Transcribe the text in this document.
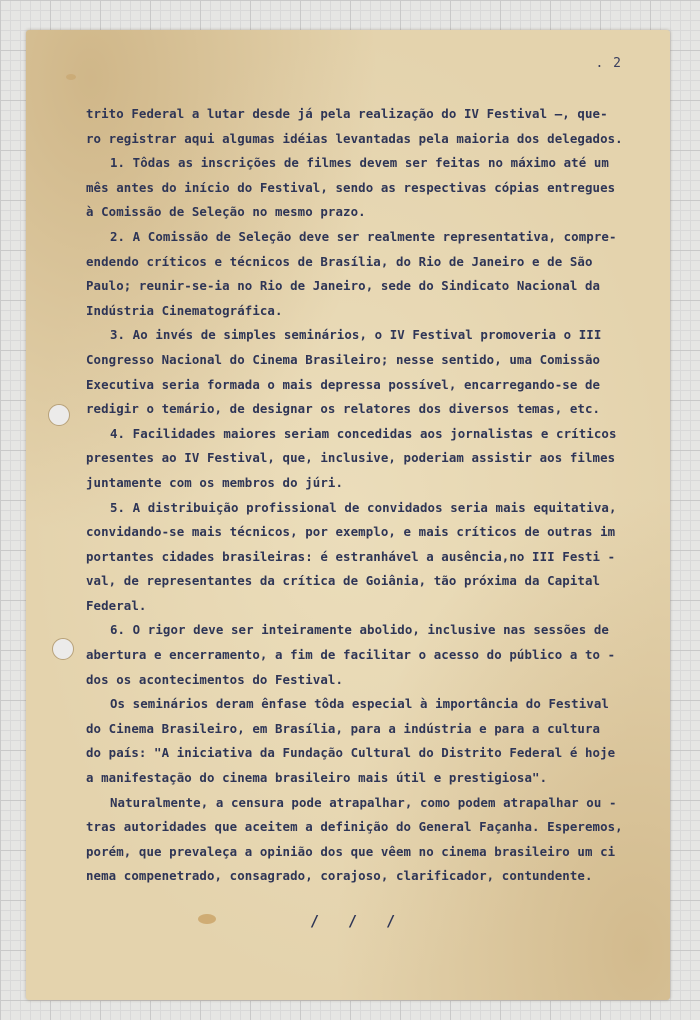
. 2

trito Federal a lutar desde já pela realização do IV Festival —, que-

ro registrar aqui algumas idéias levantadas pela maioria dos delegados.

1. Tôdas as inscrições de filmes devem ser feitas no máximo até um

mês antes do início do Festival, sendo as respectivas cópias entregues

à Comissão de Seleção no mesmo prazo.

2. A Comissão de Seleção deve ser realmente representativa, compre-

endendo críticos e técnicos de Brasília, do Rio de Janeiro e de São

Paulo; reunir-se-ia no Rio de Janeiro, sede do Sindicato Nacional da

Indústria Cinematográfica.

3. Ao invés de simples seminários, o IV Festival promoveria o III

Congresso Nacional do Cinema Brasileiro; nesse sentido, uma Comissão

Executiva seria formada o mais depressa possível, encarregando-se de

redigir o temário, de designar os relatores dos diversos temas, etc.

4. Facilidades maiores seriam concedidas aos jornalistas e críticos

presentes ao IV Festival, que, inclusive, poderiam assistir aos filmes

juntamente com os membros do júri.

5. A distribuição profissional de convidados seria mais equitativa,

convidando-se mais técnicos, por exemplo, e mais críticos de outras im

portantes cidades brasileiras: é estranhável a ausência,no III Festi -

val, de representantes da crítica de Goiânia, tão próxima da Capital

Federal.

6. O rigor deve ser inteiramente abolido, inclusive nas sessões de

abertura e encerramento, a fim de facilitar o acesso do público a to -

dos os acontecimentos do Festival.

Os seminários deram ênfase tôda especial à importância do Festival

do Cinema Brasileiro, em Brasília, para a indústria e para a cultura

do país: "A iniciativa da Fundação Cultural do Distrito Federal é hoje

a manifestação do cinema brasileiro mais útil e prestigiosa".

Naturalmente, a censura pode atrapalhar, como podem atrapalhar ou -

tras autoridades que aceitem a definição do General Façanha. Esperemos,

porém, que prevaleça a opinião dos que vêem no cinema brasileiro um ci

nema compenetrado, consagrado, corajoso, clarificador, contundente.

/ / /
